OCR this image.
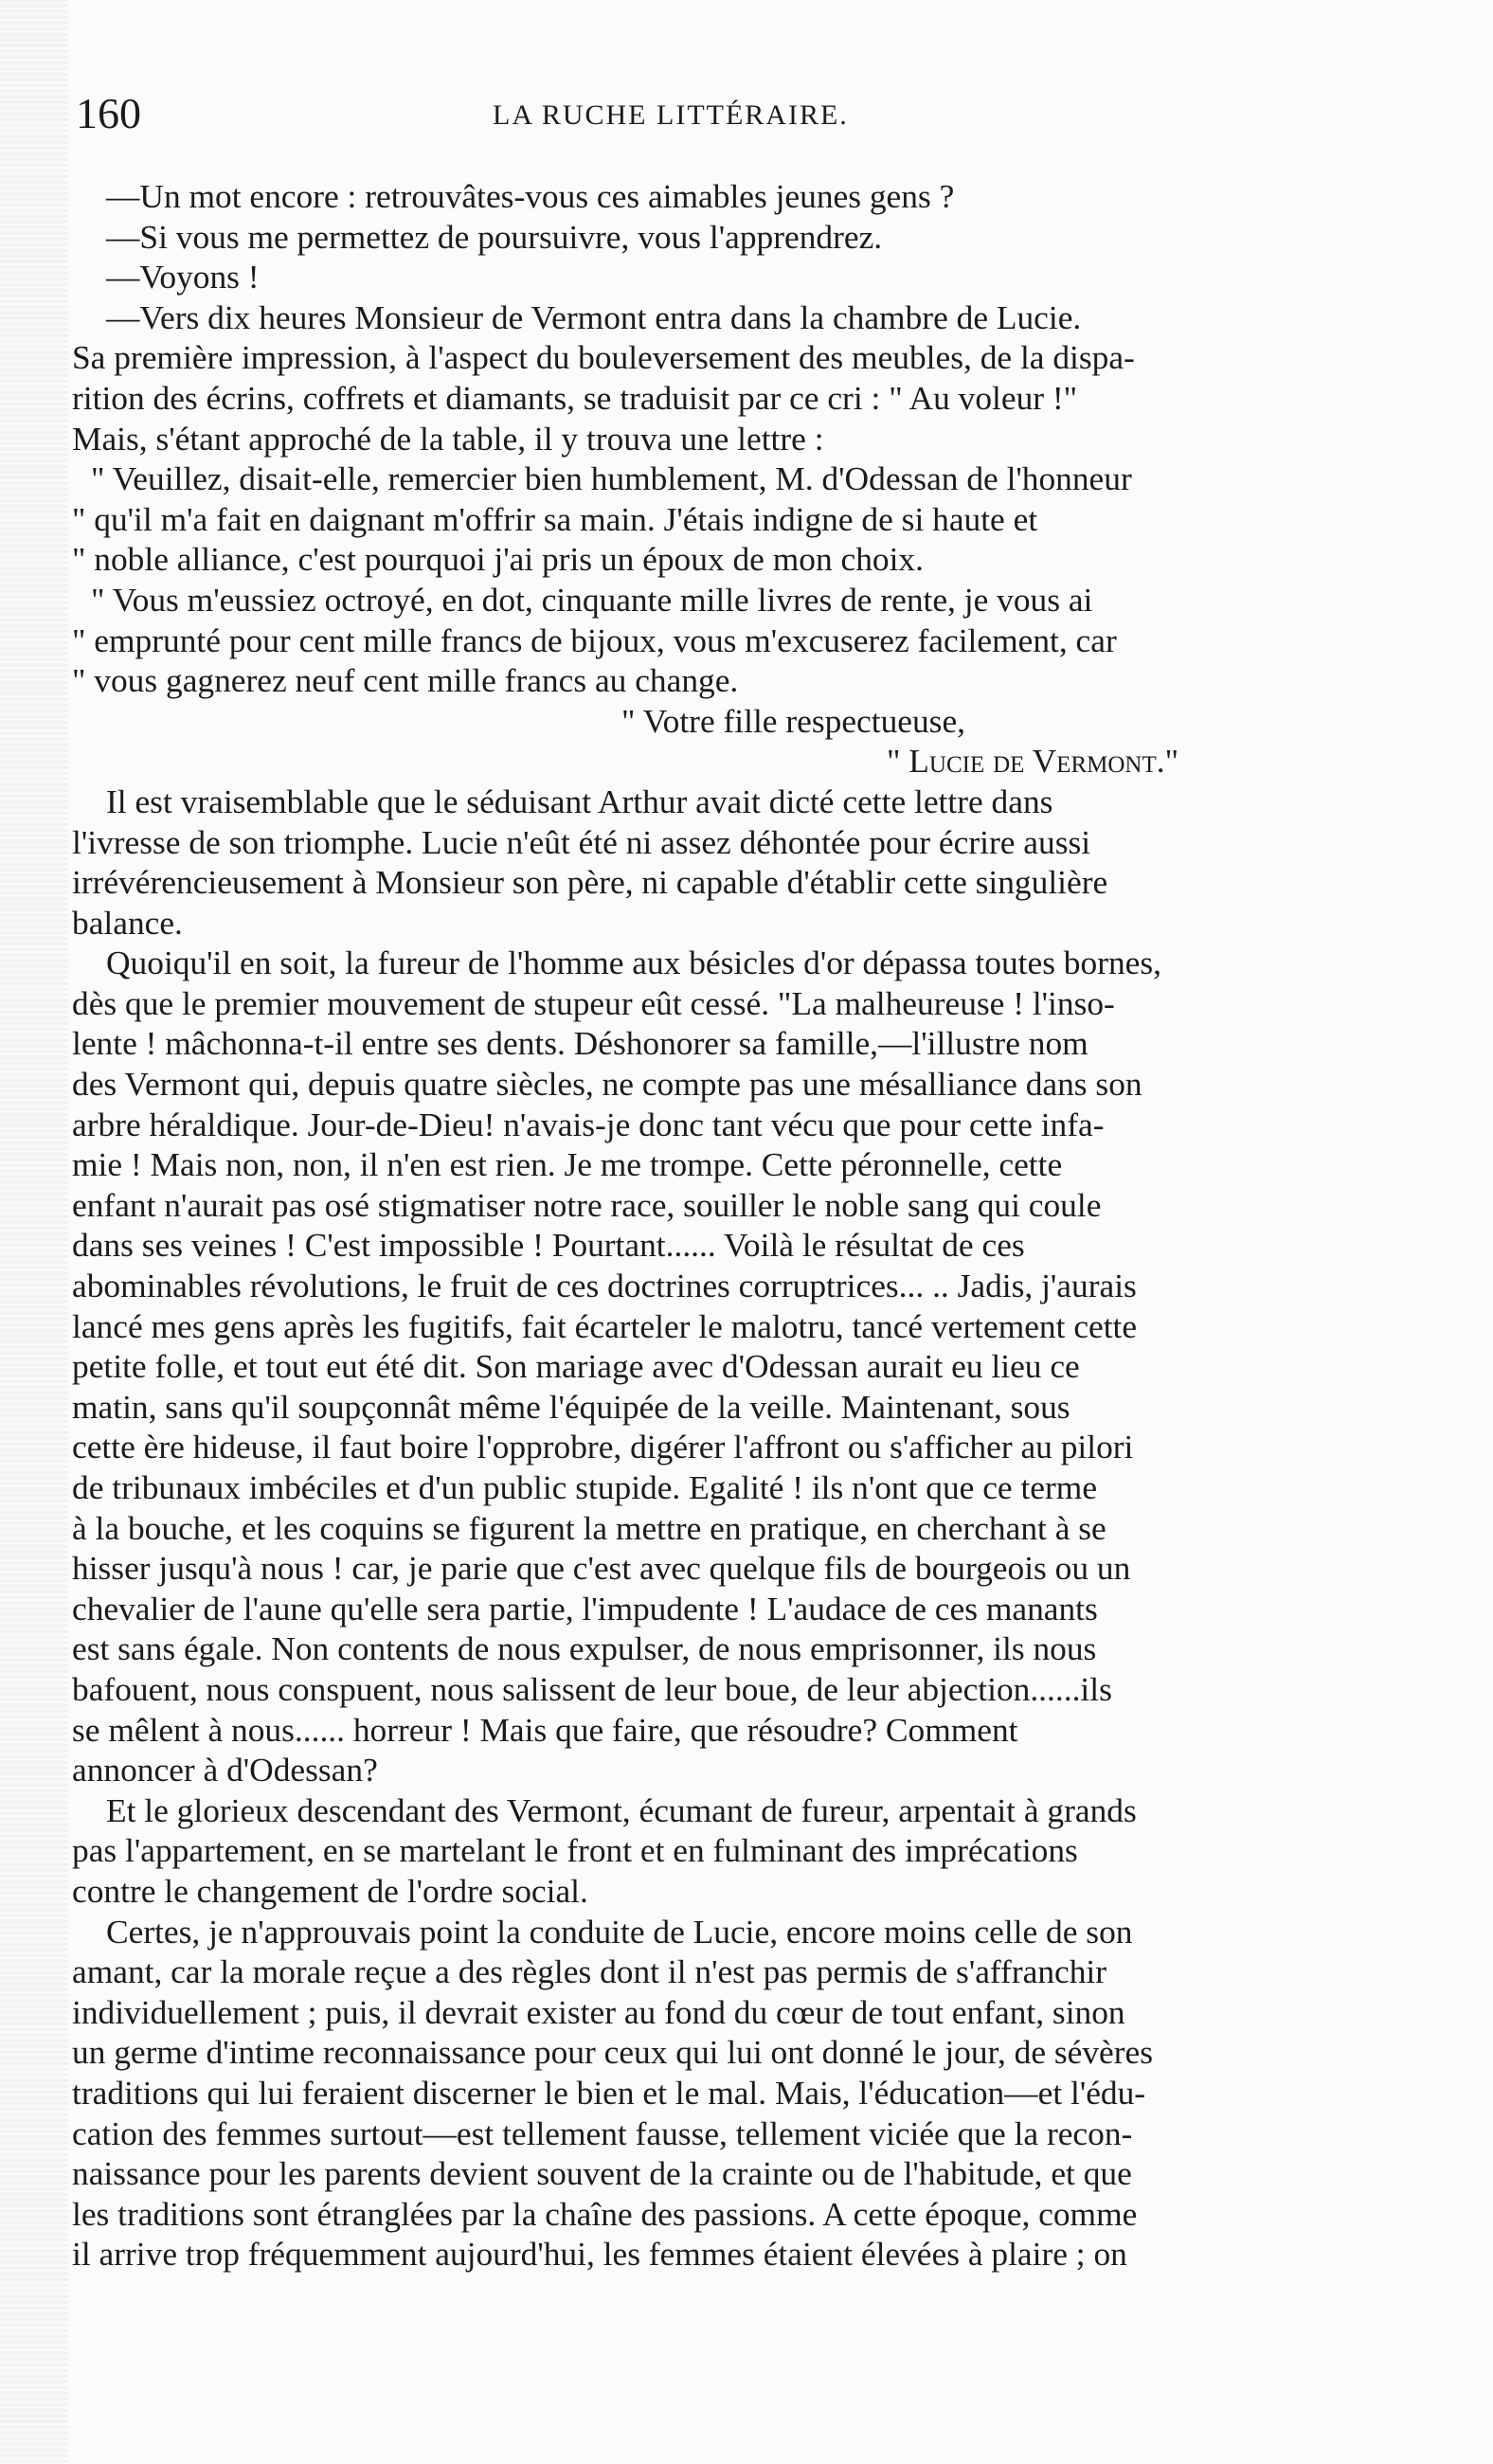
160	LA RUCHE LITTÉRAIRE.
—Un mot encore : retrouvâtes-vous ces aimables jeunes gens ?
—Si vous me permettez de poursuivre, vous l'apprendrez.
—Voyons !
—Vers dix heures Monsieur de Vermont entra dans la chambre de Lucie.
Sa première impression, à l'aspect du bouleversement des meubles, de la dispa-
rition des écrins, coffrets et diamants, se traduisit par ce cri : " Au voleur !"
Mais, s'étant approché de la table, il y trouva une lettre :
" Veuillez, disait-elle, remercier bien humblement, M. d'Odessan de l'honneur
" qu'il m'a fait en daignant m'offrir sa main. J'étais indigne de si haute et
" noble alliance, c'est pourquoi j'ai pris un époux de mon choix.
" Vous m'eussiez octroyé, en dot, cinquante mille livres de rente, je vous ai
" emprunté pour cent mille francs de bijoux, vous m'excuserez facilement, car
" vous gagnerez neuf cent mille francs au change.
" Votre fille respectueuse,
" Lucie de Vermont."
Il est vraisemblable que le séduisant Arthur avait dicté cette lettre dans
l'ivresse de son triomphe. Lucie n'eût été ni assez déhontée pour écrire aussi
irrévérencieusement à Monsieur son père, ni capable d'établir cette singulière
balance.
Quoiqu'il en soit, la fureur de l'homme aux bésicles d'or dépassa toutes bornes,
dès que le premier mouvement de stupeur eût cessé. "La malheureuse ! l'inso-
lente ! mâchonna-t-il entre ses dents. Déshonorer sa famille,—l'illustre nom
des Vermont qui, depuis quatre siècles, ne compte pas une mésalliance dans son
arbre héraldique. Jour-de-Dieu! n'avais-je donc tant vécu que pour cette infa-
mie ! Mais non, non, il n'en est rien. Je me trompe. Cette péronnelle, cette
enfant n'aurait pas osé stigmatiser notre race, souiller le noble sang qui coule
dans ses veines ! C'est impossible ! Pourtant...... Voilà le résultat de ces
abominables révolutions, le fruit de ces doctrines corruptrices... .. Jadis, j'aurais
lancé mes gens après les fugitifs, fait écarteler le malotru, tancé vertement cette
petite folle, et tout eut été dit. Son mariage avec d'Odessan aurait eu lieu ce
matin, sans qu'il soupçonnât même l'équipée de la veille. Maintenant, sous
cette ère hideuse, il faut boire l'opprobre, digérer l'affront ou s'afficher au pilori
de tribunaux imbéciles et d'un public stupide. Egalité ! ils n'ont que ce terme
à la bouche, et les coquins se figurent la mettre en pratique, en cherchant à se
hisser jusqu'à nous ! car, je parie que c'est avec quelque fils de bourgeois ou un
chevalier de l'aune qu'elle sera partie, l'impudente ! L'audace de ces manants
est sans égale. Non contents de nous expulser, de nous emprisonner, ils nous
bafouent, nous conspuent, nous salissent de leur boue, de leur abjection......ils
se mêlent à nous...... horreur ! Mais que faire, que résoudre? Comment
annoncer à d'Odessan?
Et le glorieux descendant des Vermont, écumant de fureur, arpentait à grands
pas l'appartement, en se martelant le front et en fulminant des imprécations
contre le changement de l'ordre social.
Certes, je n'approuvais point la conduite de Lucie, encore moins celle de son
amant, car la morale reçue a des règles dont il n'est pas permis de s'affranchir
individuellement ; puis, il devrait exister au fond du cœur de tout enfant, sinon
un germe d'intime reconnaissance pour ceux qui lui ont donné le jour, de sévères
traditions qui lui feraient discerner le bien et le mal. Mais, l'éducation—et l'édu-
cation des femmes surtout—est tellement fausse, tellement viciée que la recon-
naissance pour les parents devient souvent de la crainte ou de l'habitude, et que
les traditions sont étranglées par la chaîne des passions. A cette époque, comme
il arrive trop fréquemment aujourd'hui, les femmes étaient élevées à plaire ; on
